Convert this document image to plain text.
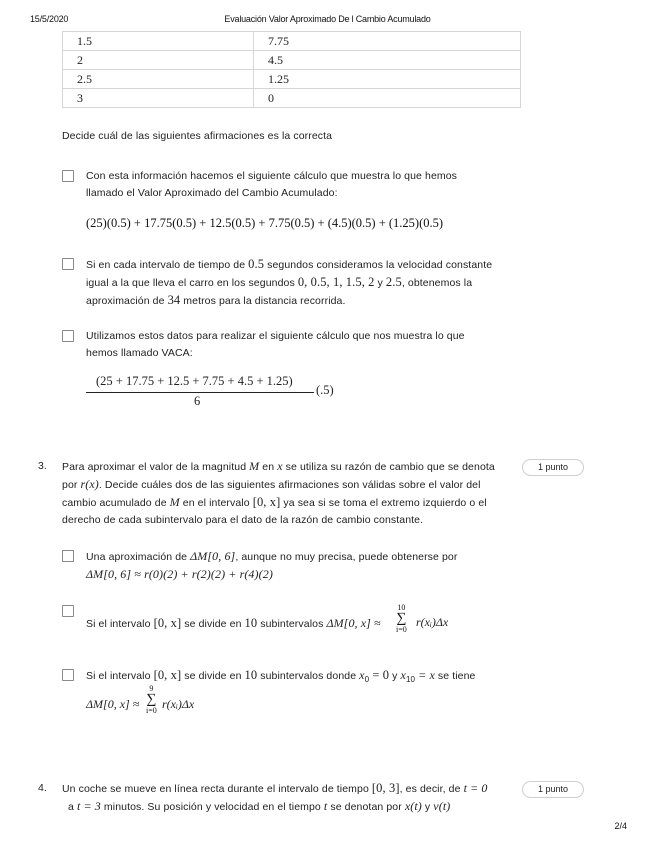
15/5/2020	Evaluación Valor Aproximado De l Cambio Acumulado
2/4
1.5	7.75
2	4.5
2.5	1.25
3	0
Decide cuál de las siguientes afirmaciones es la correcta
Con esta información hacemos el siguiente cálculo que muestra lo que hemos
llamado el Valor Aproximado del Cambio Acumulado:
(25)(0.5) + 17.75(0.5) + 12.5(0.5) + 7.75(0.5) + (4.5)(0.5) + (1.25)(0.5)
Si en cada intervalo de tiempo de 0.5 segundos consideramos la velocidad constante
igual a la que lleva el carro en los segundos 0, 0.5, 1, 1.5, 2 y 2.5, obtenemos la
aproximación de 34 metros para la distancia recorrida.
Utilizamos estos datos para realizar el siguiente cálculo que nos muestra lo que
hemos llamado VACA:
(25 + 17.75 + 12.5 + 7.75 + 4.5 + 1.25)
6
(.5)
3.	1 punto
Para aproximar el valor de la magnitud M en x se utiliza su razón de cambio que se denota
por r(x). Decide cuáles dos de las siguientes afirmaciones son válidas sobre el valor del
cambio acumulado de M en el intervalo [0, x] ya sea si se toma el extremo izquierdo o el
derecho de cada subintervalo para el dato de la razón de cambio constante.
Una aproximación de ΔM[0, 6], aunque no muy precisa, puede obtenerse por
ΔM[0, 6] ≈ r(0)(2) + r(2)(2) + r(4)(2)
Si el intervalo [0, x] se divide en 10 subintervalos ΔM[0, x] ≈
10
∑
i=0
r(xᵢ)Δx
Si el intervalo [0, x] se divide en 10 subintervalos donde $x_0 = 0$ y $x_{10} = x$ se tiene
ΔM[0, x] ≈
9
∑
i=0 r(xᵢ)Δx
4.	1 punto
Un coche se mueve en línea recta durante el intervalo de tiempo [0, 3], es decir, de t = 0
a t = 3 minutos. Su posición y velocidad en el tiempo t se denotan por x(t) y v(t)
